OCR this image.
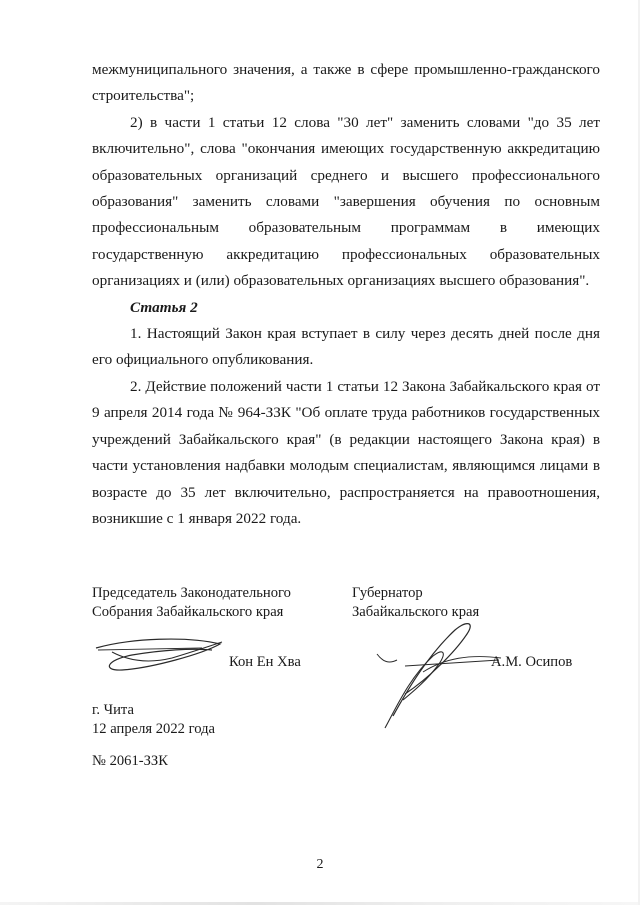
межмуниципального значения, а также в сфере промышленно-гражданского
строительства";

2) в части 1 статьи 12 слова "30 лет" заменить словами "до 35 лет включительно", слова "окончания имеющих государственную аккредитацию образовательных организаций среднего и высшего профессионального образования" заменить словами "завершения обучения по основным профессиональным образовательным программам в имеющих государственную аккредитацию профессиональных образовательных организациях и (или) образовательных организациях высшего образования".

Статья 2

1. Настоящий Закон края вступает в силу через десять дней после дня его официального опубликования.

2. Действие положений части 1 статьи 12 Закона Забайкальского края от 9 апреля 2014 года № 964-ЗЗК "Об оплате труда работников государственных учреждений Забайкальского края" (в редакции настоящего Закона края) в части установления надбавки молодым специалистам, являющимся лицами в возрасте до 35 лет включительно, распространяется на правоотношения, возникшие с 1 января 2022 года.

Председатель Законодательного
Собрания Забайкальского края
Кон Ен Хва
Губернатор
Забайкальского края
А.М. Осипов
г. Чита
12 апреля 2022 года
№ 2061-ЗЗК
2
